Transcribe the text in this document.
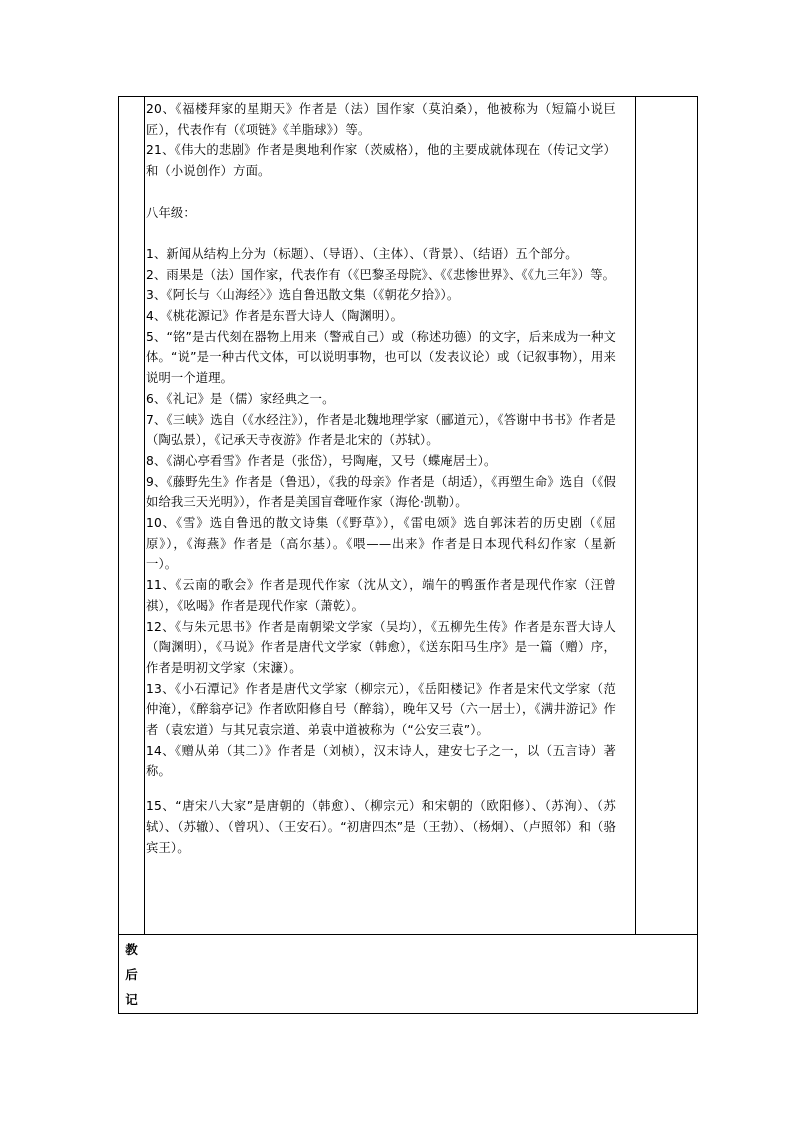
20、《福楼拜家的星期天》作者是（法）国作家（莫泊桑），他被称为（短篇小说巨匠），代表作有（《项链》《羊脂球》）等。

21、《伟大的悲剧》作者是奥地利作家（茨威格），他的主要成就体现在（传记文学）和（小说创作）方面。

八年级：

1、新闻从结构上分为（标题）、（导语）、（主体）、（背景）、（结语）五个部分。

2、雨果是（法）国作家，代表作有（《巴黎圣母院》、《《悲惨世界》、《《九三年》）等。

3、《阿长与〈山海经〉》选自鲁迅散文集（《朝花夕拾》）。

4、《桃花源记》作者是东晋大诗人（陶渊明）。

5、“铭”是古代刻在器物上用来（警戒自己）或（称述功德）的文字，后来成为一种文体。“说”是一种古代文体，可以说明事物，也可以（发表议论）或（记叙事物），用来说明一个道理。

6、《礼记》是（儒）家经典之一。

7、《三峡》选自（《水经注》），作者是北魏地理学家（郦道元），《答谢中书书》作者是（陶弘景），《记承天寺夜游》作者是北宋的（苏轼）。

8、《湖心亭看雪》作者是（张岱），号陶庵，又号（蝶庵居士）。

9、《藤野先生》作者是（鲁迅），《我的母亲》作者是（胡适），《再塑生命》选自（《假如给我三天光明》），作者是美国盲聋哑作家（海伦·凯勒）。

10、《雪》选自鲁迅的散文诗集（《野草》），《雷电颂》选自郭沫若的历史剧（《屈原》），《海燕》作者是（高尔基）。《喂——出来》作者是日本现代科幻作家（星新一）。

11、《云南的歌会》作者是现代作家（沈从文），端午的鸭蛋作者是现代作家（汪曾祺），《吆喝》作者是现代作家（萧乾）。

12、《与朱元思书》作者是南朝梁文学家（吴均），《五柳先生传》作者是东晋大诗人（陶渊明），《马说》作者是唐代文学家（韩愈），《送东阳马生序》是一篇（赠）序，作者是明初文学家（宋濂）。

13、《小石潭记》作者是唐代文学家（柳宗元），《岳阳楼记》作者是宋代文学家（范仲淹），《醉翁亭记》作者欧阳修自号（醉翁），晚年又号（六一居士），《满井游记》作者（袁宏道）与其兄袁宗道、弟袁中道被称为（“公安三袁”）。

14、《赠从弟（其二）》作者是（刘桢），汉末诗人，建安七子之一，以（五言诗）著称。

15、“唐宋八大家”是唐朝的（韩愈）、（柳宗元）和宋朝的（欧阳修）、（苏洵）、（苏轼）、（苏辙）、（曾巩）、（王安石）。“初唐四杰”是（王勃）、（杨炯）、（卢照邻）和（骆宾王）。

教
后
记
